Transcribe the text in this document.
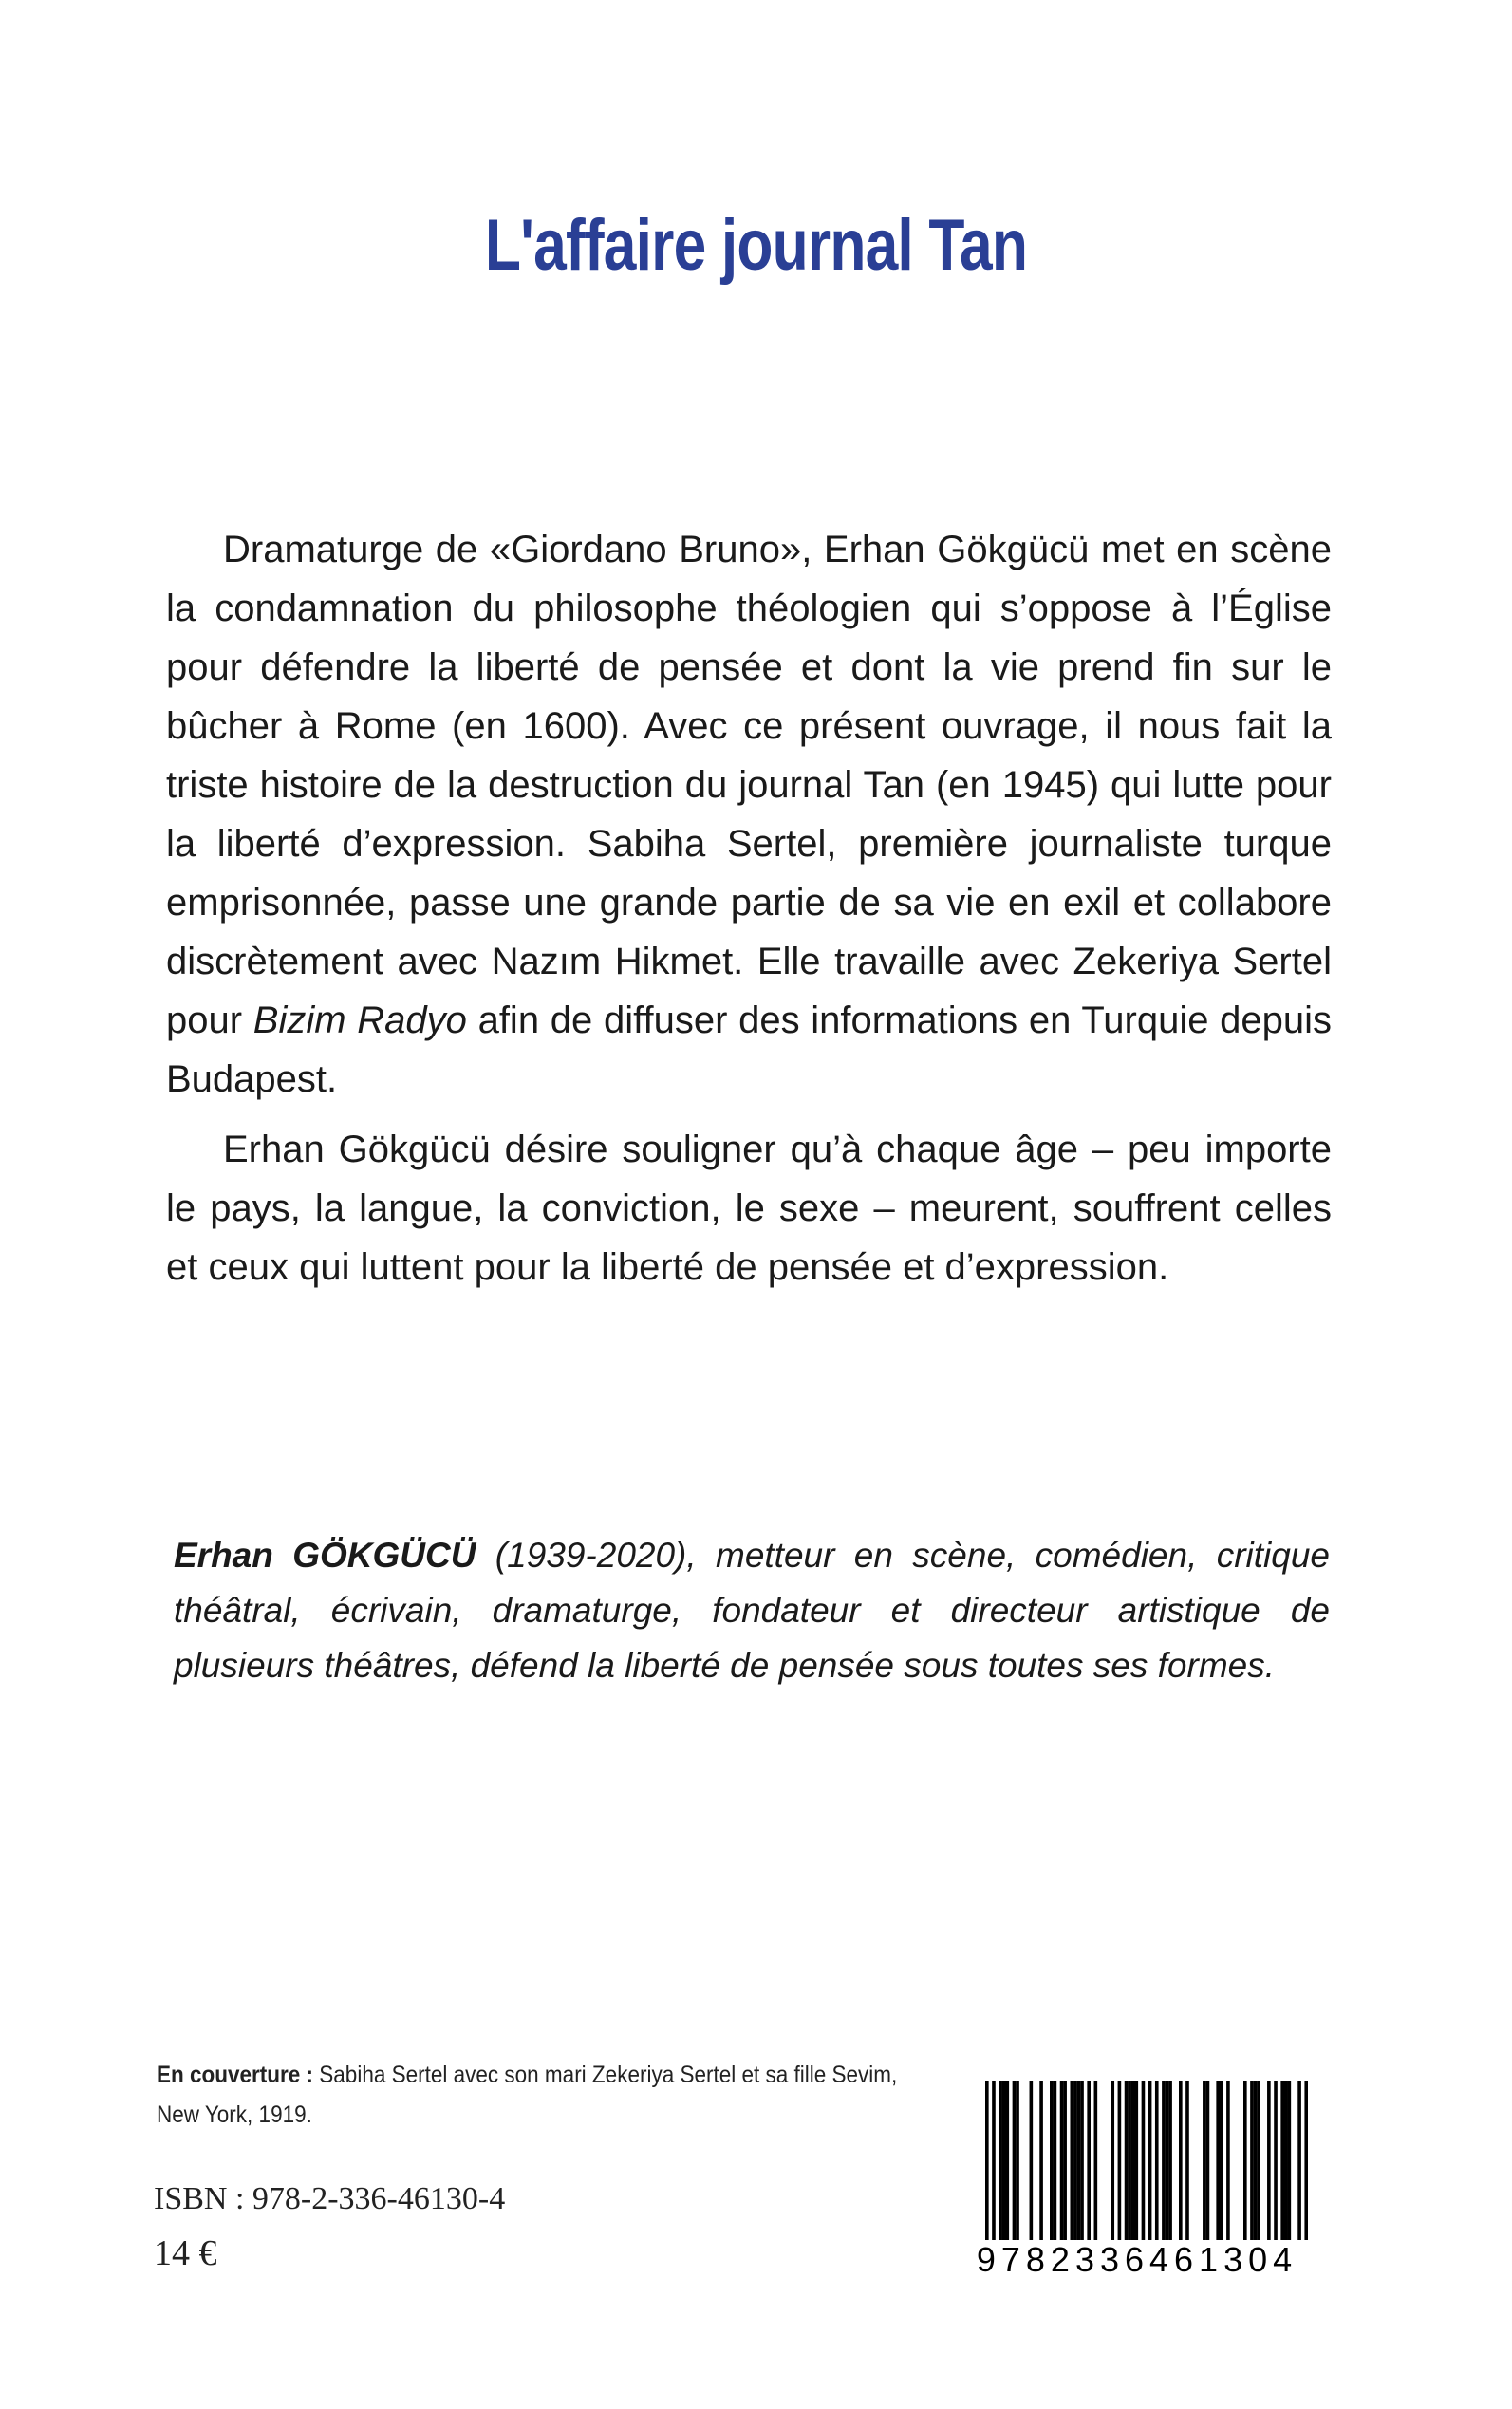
L'affaire journal Tan

Dramaturge de «Giordano Bruno», Erhan Gökgücü met en scène la condamnation du philosophe théologien qui s’oppose à l’Église pour défendre la liberté de pensée et dont la vie prend fin sur le bûcher à Rome (en 1600). Avec ce présent ouvrage, il nous fait la triste histoire de la destruction du journal Tan (en 1945) qui lutte pour la liberté d’expression. Sabiha Sertel, première journaliste turque emprisonnée, passe une grande partie de sa vie en exil et collabore discrètement avec Nazım Hikmet. Elle travaille avec Zekeriya Sertel pour Bizim Radyo afin de diffuser des informations en Turquie depuis Budapest.

Erhan Gökgücü désire souligner qu’à chaque âge – peu importe le pays, la langue, la conviction, le sexe – meurent, souffrent celles et ceux qui luttent pour la liberté de pensée et d’expression.

Erhan GÖKGÜCÜ (1939-2020), metteur en scène, comédien, critique théâtral, écrivain, dramaturge, fondateur et directeur artistique de plusieurs théâtres, défend la liberté de pensée sous toutes ses formes.

En couverture : Sabiha Sertel avec son mari Zekeriya Sertel et sa fille Sevim, New York, 1919.

ISBN : 978-2-336-46130-4

14 €	9782336461304
